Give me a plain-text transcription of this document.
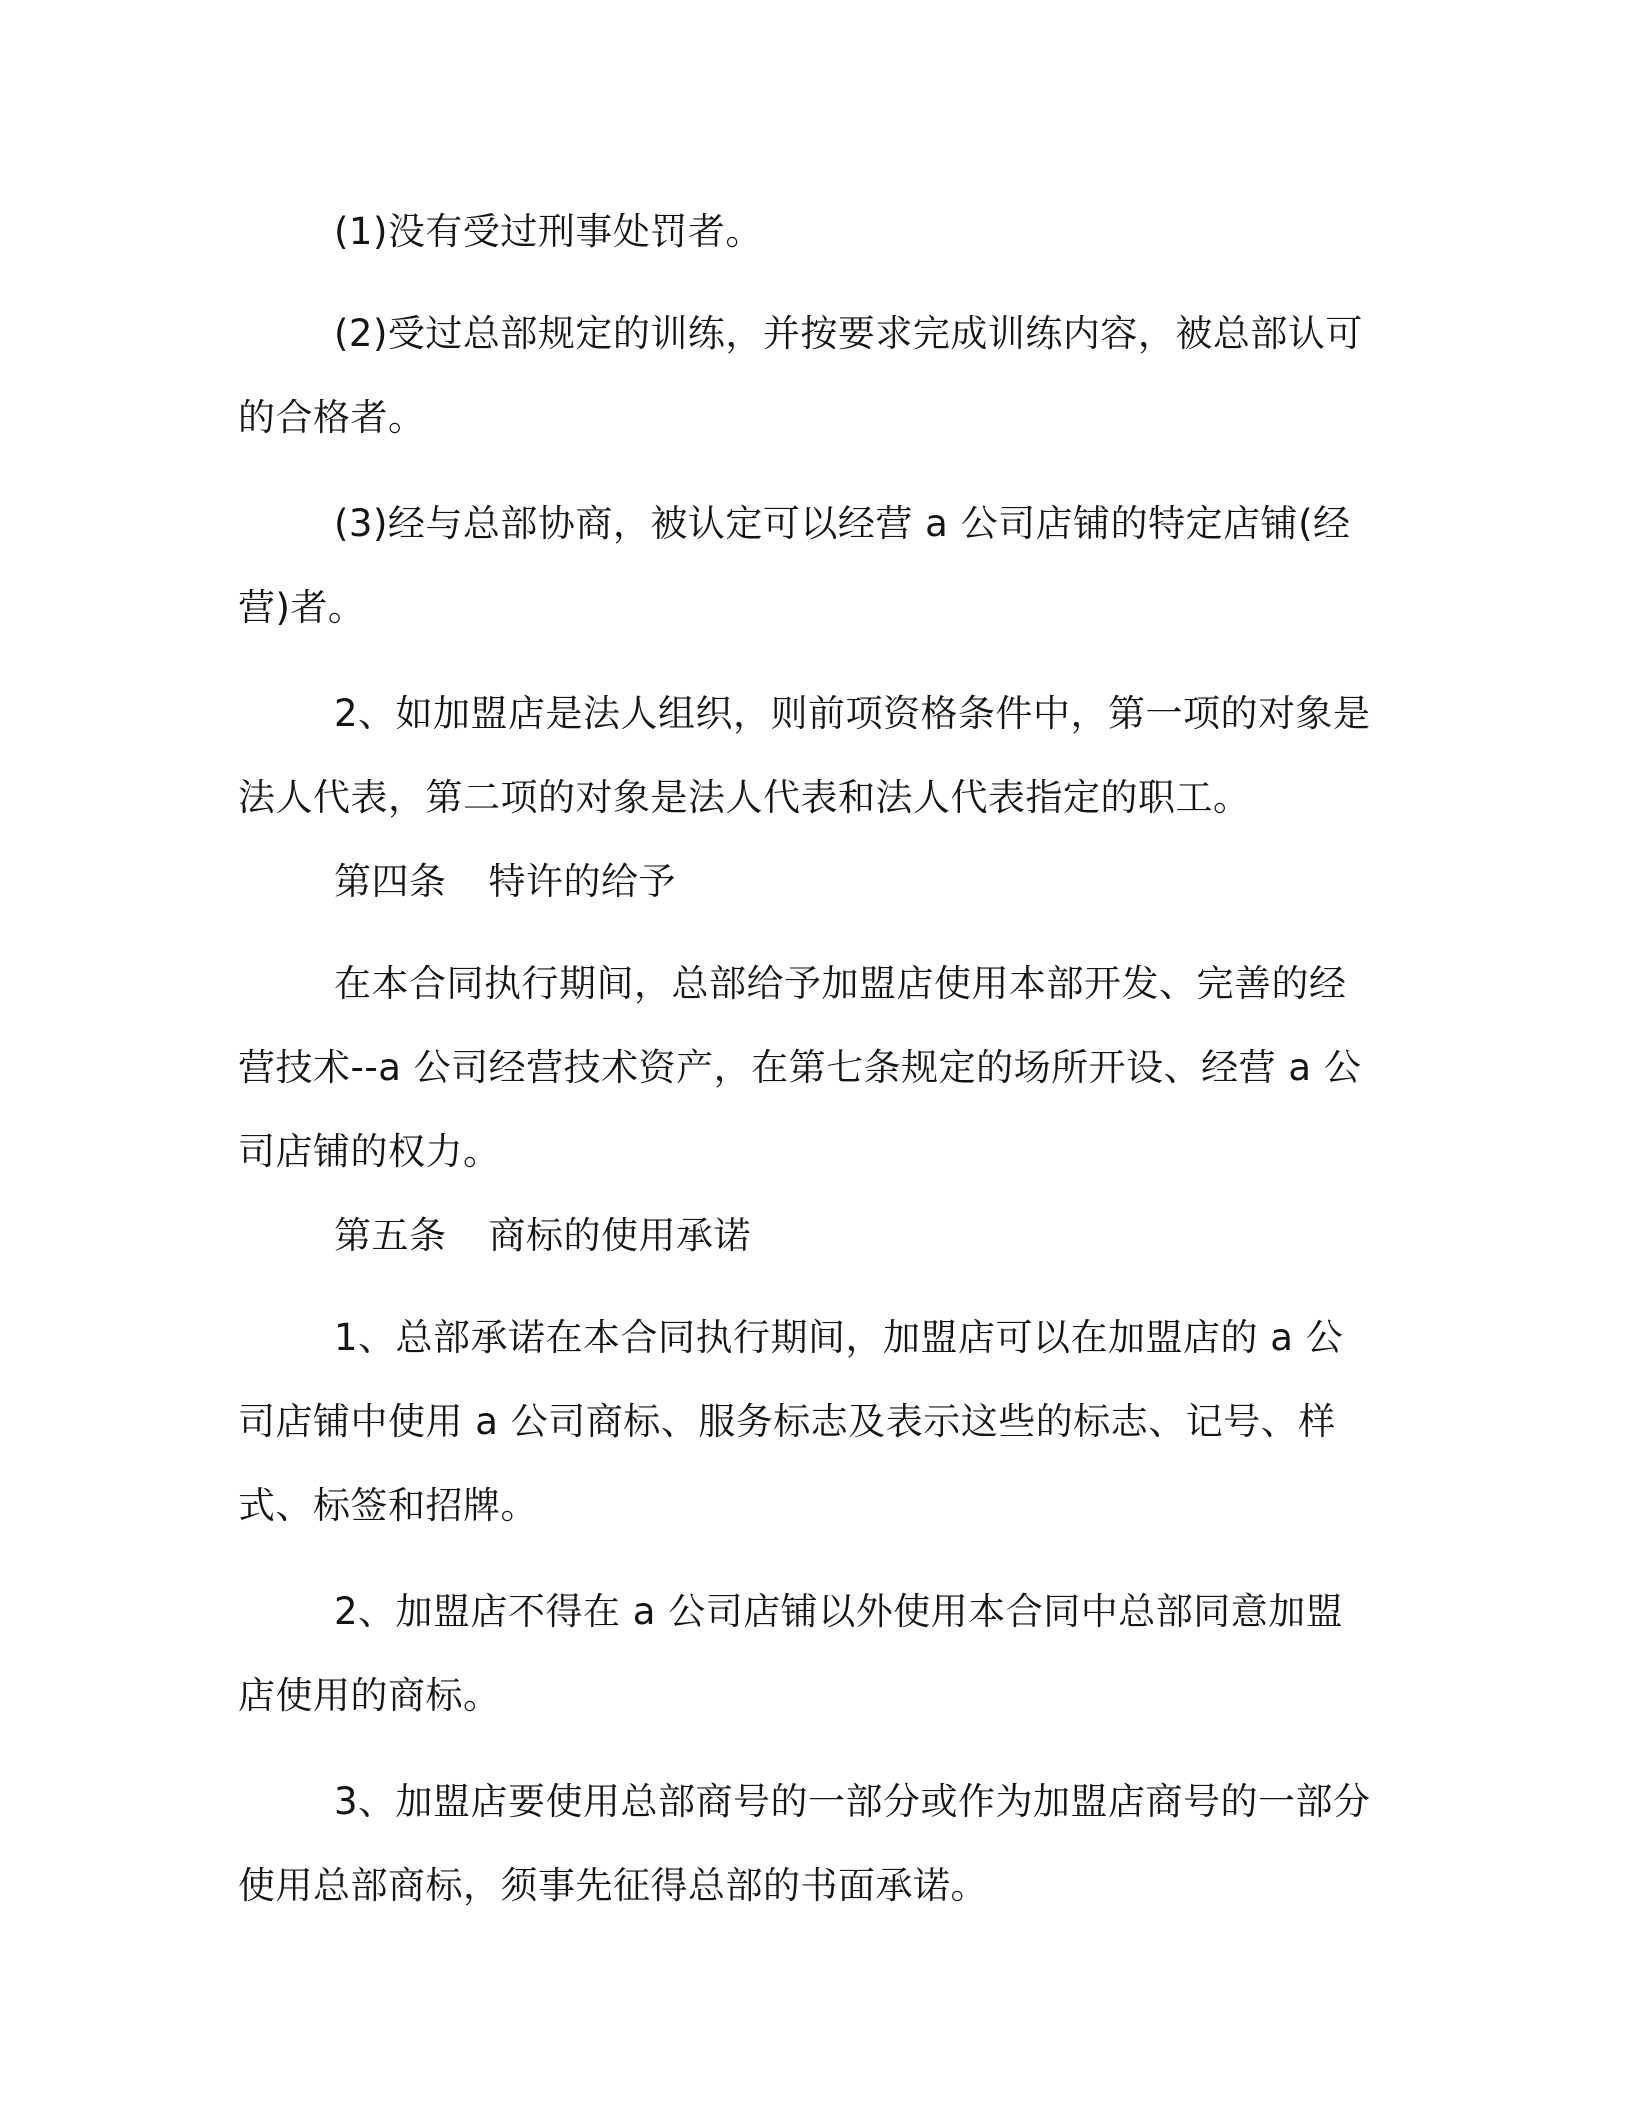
(1)没有受过刑事处罚者。

(2)受过总部规定的训练，并按要求完成训练内容，被总部认可的合格者。

(3)经与总部协商，被认定可以经营 a 公司店铺的特定店铺(经营)者。

2、如加盟店是法人组织，则前项资格条件中，第一项的对象是法人代表，第二项的对象是法人代表和法人代表指定的职工。

第四条 特许的给予

在本合同执行期间，总部给予加盟店使用本部开发、完善的经营技术--a 公司经营技术资产，在第七条规定的场所开设、经营 a 公司店铺的权力。

第五条 商标的使用承诺

1、总部承诺在本合同执行期间，加盟店可以在加盟店的 a 公司店铺中使用 a 公司商标、服务标志及表示这些的标志、记号、样式、标签和招牌。

2、加盟店不得在 a 公司店铺以外使用本合同中总部同意加盟店使用的商标。

3、加盟店要使用总部商号的一部分或作为加盟店商号的一部分使用总部商标，须事先征得总部的书面承诺。
